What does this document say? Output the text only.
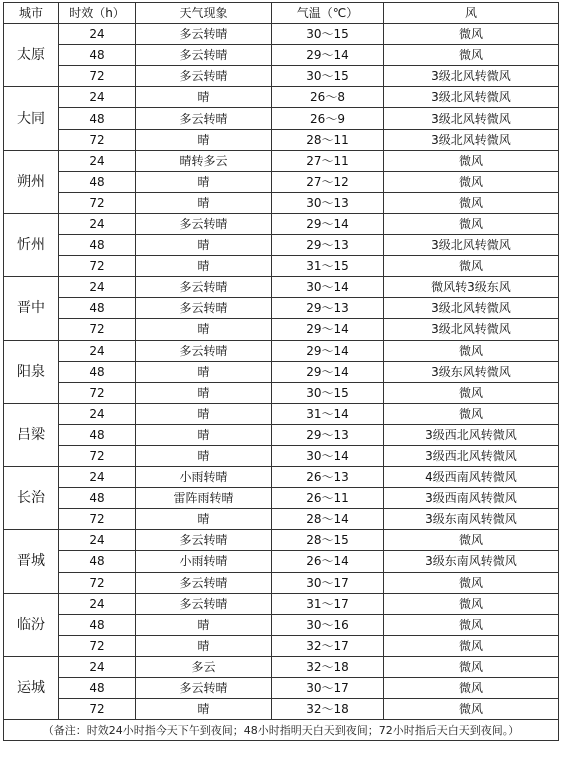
城市	时效（h）	天气现象	气温（℃）	风
太原	24	多云转晴	30～15	微风
	48	多云转晴	29～14	微风
	72	多云转晴	30～15	3级北风转微风
大同	24	晴	26～8	3级北风转微风
	48	多云转晴	26～9	3级北风转微风
	72	晴	28～11	3级北风转微风
朔州	24	晴转多云	27～11	微风
	48	晴	27～12	微风
	72	晴	30～13	微风
忻州	24	多云转晴	29～14	微风
	48	晴	29～13	3级北风转微风
	72	晴	31～15	微风
晋中	24	多云转晴	30～14	微风转3级东风
	48	多云转晴	29～13	3级北风转微风
	72	晴	29～14	3级北风转微风
阳泉	24	多云转晴	29～14	微风
	48	晴	29～14	3级东风转微风
	72	晴	30～15	微风
吕梁	24	晴	31～14	微风
	48	晴	29～13	3级西北风转微风
	72	晴	30～14	3级西北风转微风
长治	24	小雨转晴	26～13	4级西南风转微风
	48	雷阵雨转晴	26～11	3级西南风转微风
	72	晴	28～14	3级东南风转微风
晋城	24	多云转晴	28～15	微风
	48	小雨转晴	26～14	3级东南风转微风
	72	多云转晴	30～17	微风
临汾	24	多云转晴	31～17	微风
	48	晴	30～16	微风
	72	晴	32～17	微风
运城	24	多云	32～18	微风
	48	多云转晴	30～17	微风
	72	晴	32～18	微风
（备注：时效24小时指今天下午到夜间；48小时指明天白天到夜间；72小时指后天白天到夜间。）				
